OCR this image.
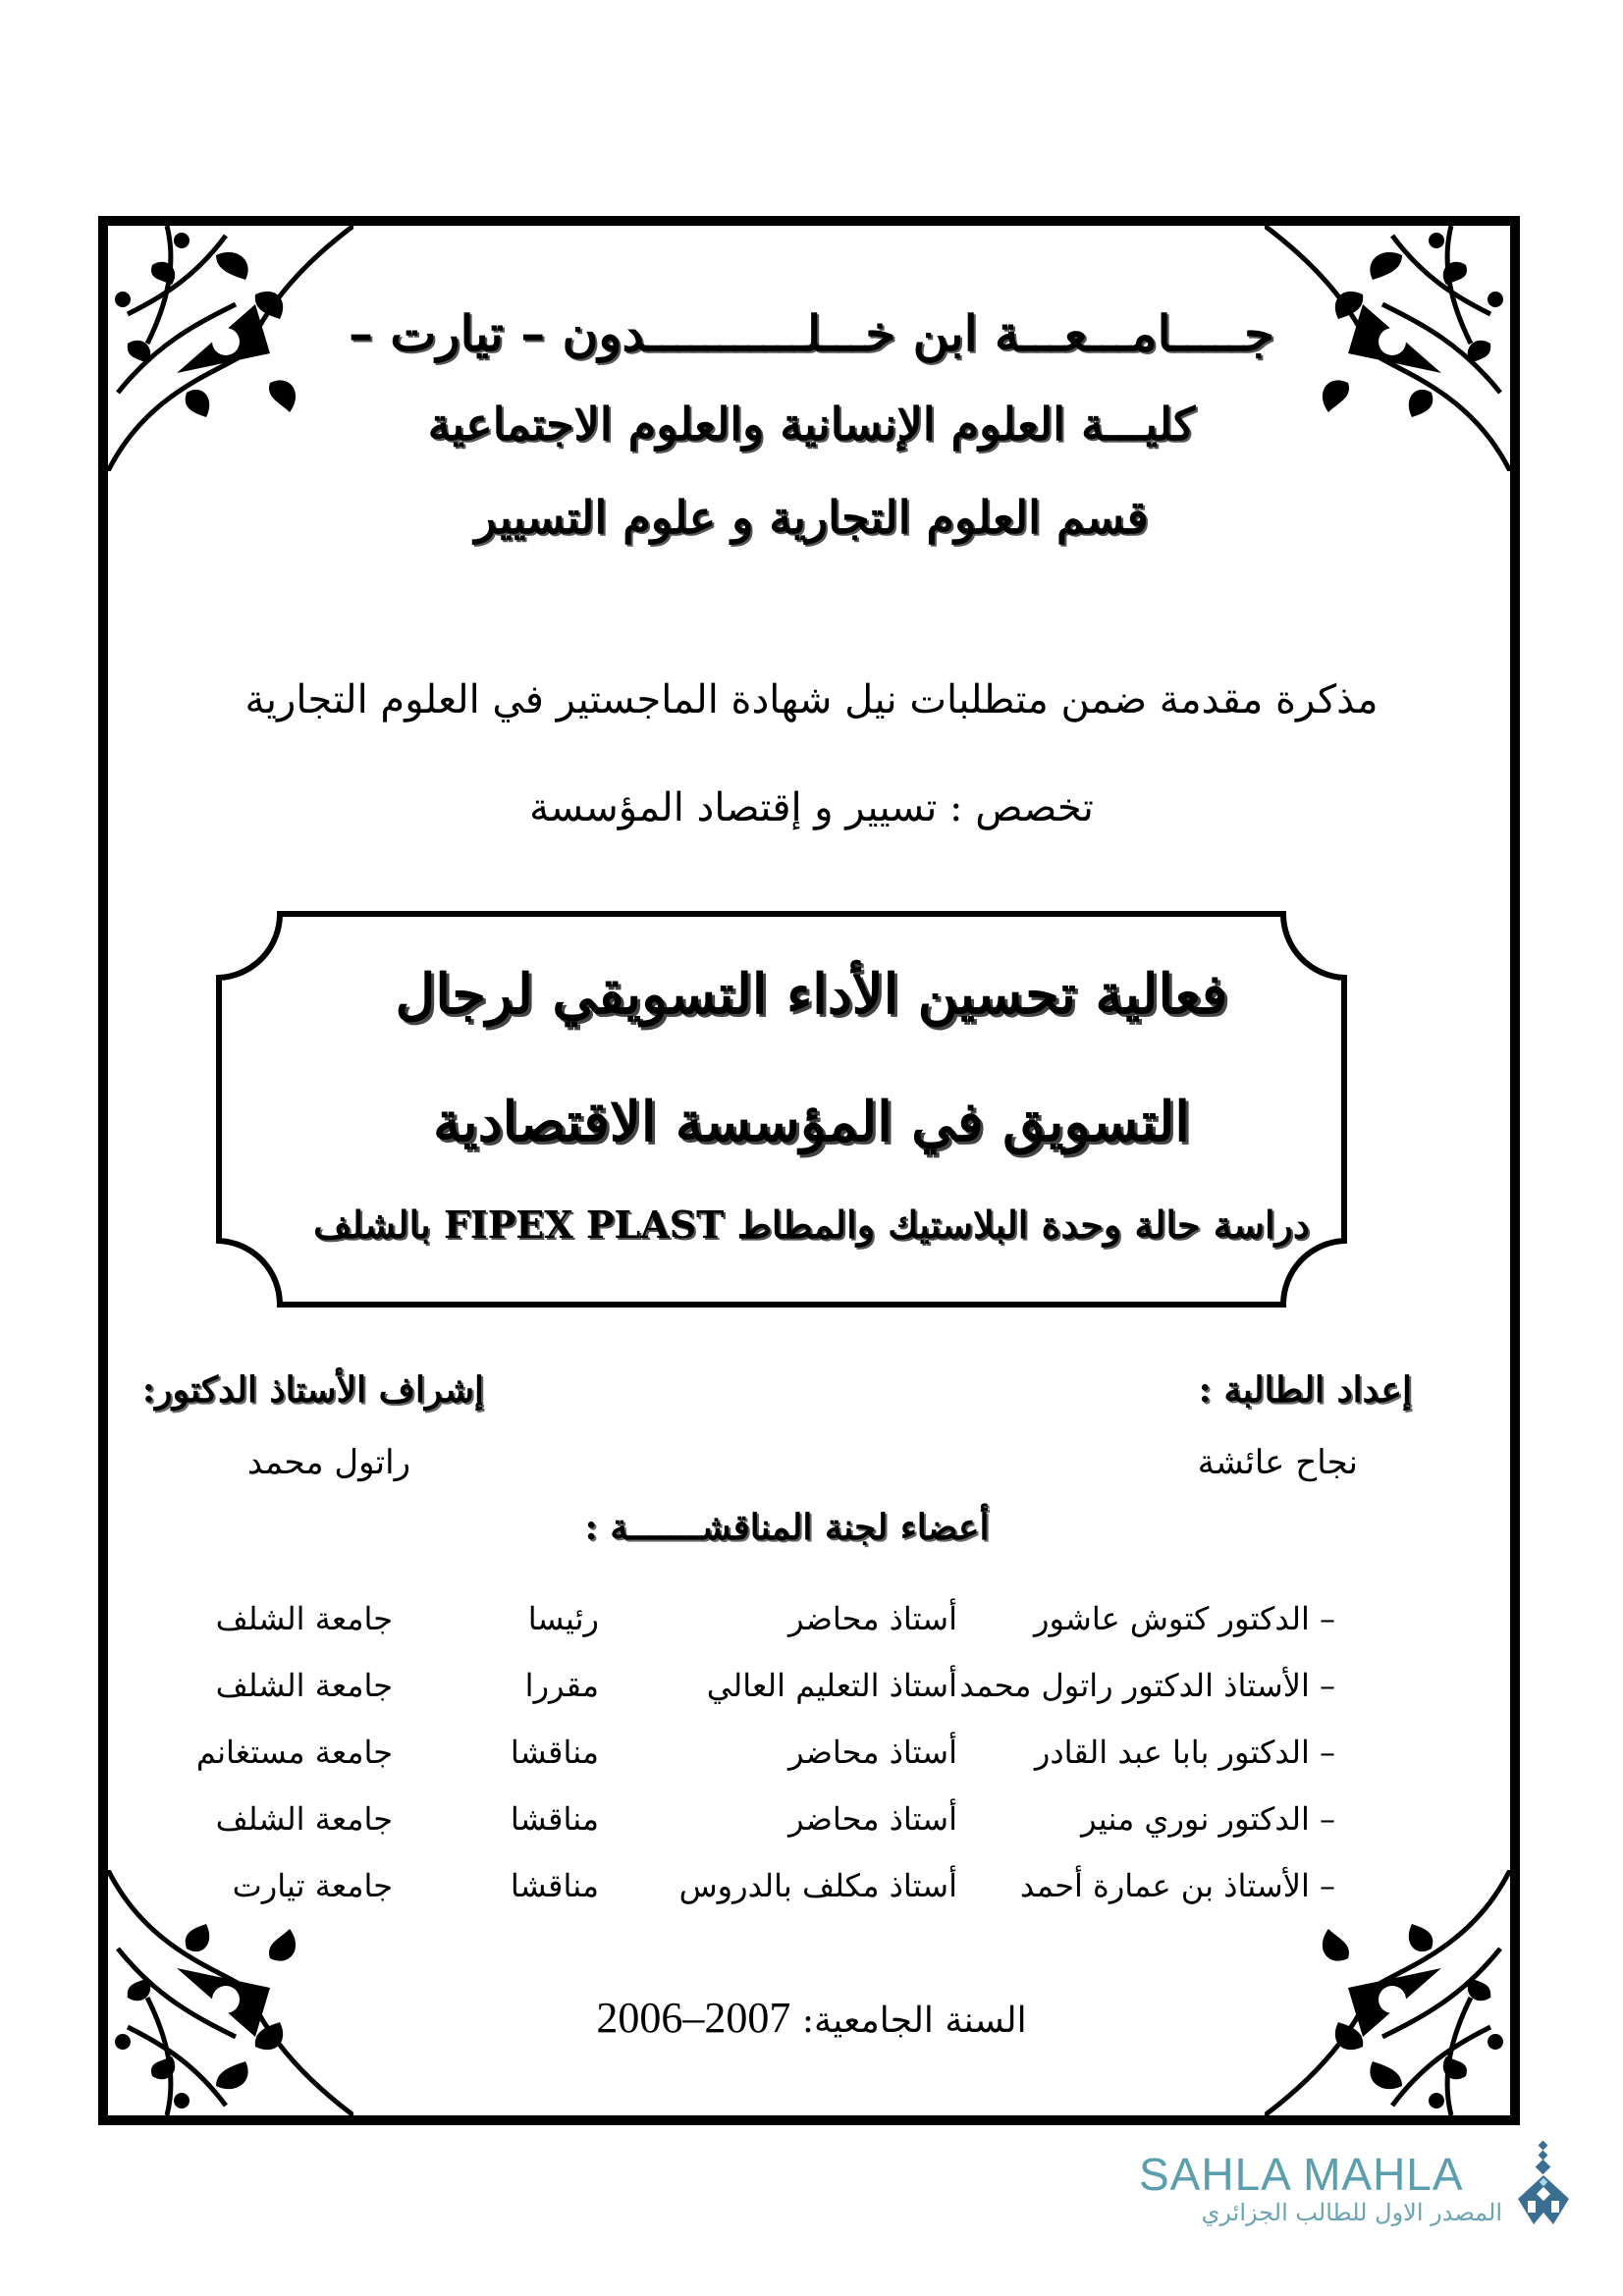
جـــــامـــعـــة ابن خـــلـــــــــــدون – تيارت –
كليـــة العلوم الإنسانية والعلوم الاجتماعية
قسم العلوم التجارية و علوم التسيير
مذكرة مقدمة ضمن متطلبات نيل شهادة الماجستير في العلوم التجارية
تخصص : تسيير و إقتصاد المؤسسة
فعالية تحسين الأداء التسويقي لرجال
التسويق في المؤسسة الاقتصادية
دراسة حالة وحدة البلاستيك والمطاط FIPEX PLAST بالشلف
إعداد الطالبة :
نجاح عائشة
إشراف الأستاذ الدكتور:
راتول محمد
أعضاء لجنة المناقشـــــــة :
– الدكتور كتوش عاشور
أستاذ محاضر
رئيسا
جامعة الشلف
– الأستاذ الدكتور راتول محمد
أستاذ التعليم العالي
مقررا
جامعة الشلف
– الدكتور بابا عبد القادر
أستاذ محاضر
مناقشا
جامعة مستغانم
– الدكتور نوري منير
أستاذ محاضر
مناقشا
جامعة الشلف
– الأستاذ بن عمارة أحمد
أستاذ مكلف بالدروس
مناقشا
جامعة تيارت
السنة الجامعية: 2006–2007
SAHLA MAHLA
المصدر الاول للطالب الجزائري
